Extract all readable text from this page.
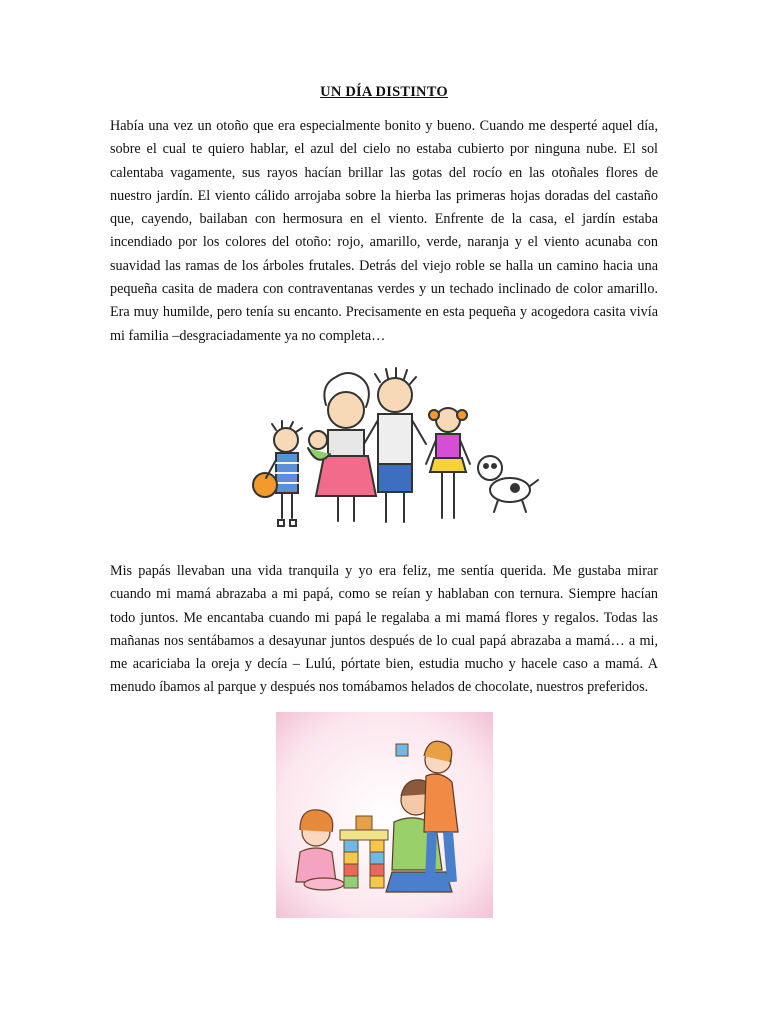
UN DÍA DISTINTO

Había una vez un otoño que era especialmente bonito y bueno. Cuando me desperté aquel día, sobre el cual te quiero hablar, el azul del cielo no estaba cubierto por ninguna nube. El sol calentaba vagamente, sus rayos hacían brillar las gotas del rocío en las otoñales flores de nuestro jardín. El viento cálido arrojaba sobre la hierba las primeras hojas doradas del castaño que, cayendo, bailaban con hermosura en el viento. Enfrente de la casa, el jardín estaba incendiado por los colores del otoño: rojo, amarillo, verde, naranja y el viento acunaba con suavidad las ramas de los árboles frutales. Detrás del viejo roble se halla un camino hacia una pequeña casita de madera con contraventanas verdes y un techado inclinado de color amarillo. Era muy humilde, pero tenía su encanto. Precisamente en esta pequeña y acogedora casita vivía mi familia –desgraciadamente ya no completa…

Mis papás llevaban una vida tranquila y yo era feliz, me sentía querida. Me gustaba mirar cuando mi mamá abrazaba a mi papá, como se reían y hablaban con ternura. Siempre hacían todo juntos. Me encantaba cuando mi papá le regalaba a mi mamá flores y regalos. Todas las mañanas nos sentábamos a desayunar juntos después de lo cual papá abrazaba a mamá… a mi, me acariciaba la oreja y decía – Lulú, pórtate bien, estudia mucho y hacele caso a mamá. A menudo íbamos al parque y después nos tomábamos helados de chocolate, nuestros preferidos.
